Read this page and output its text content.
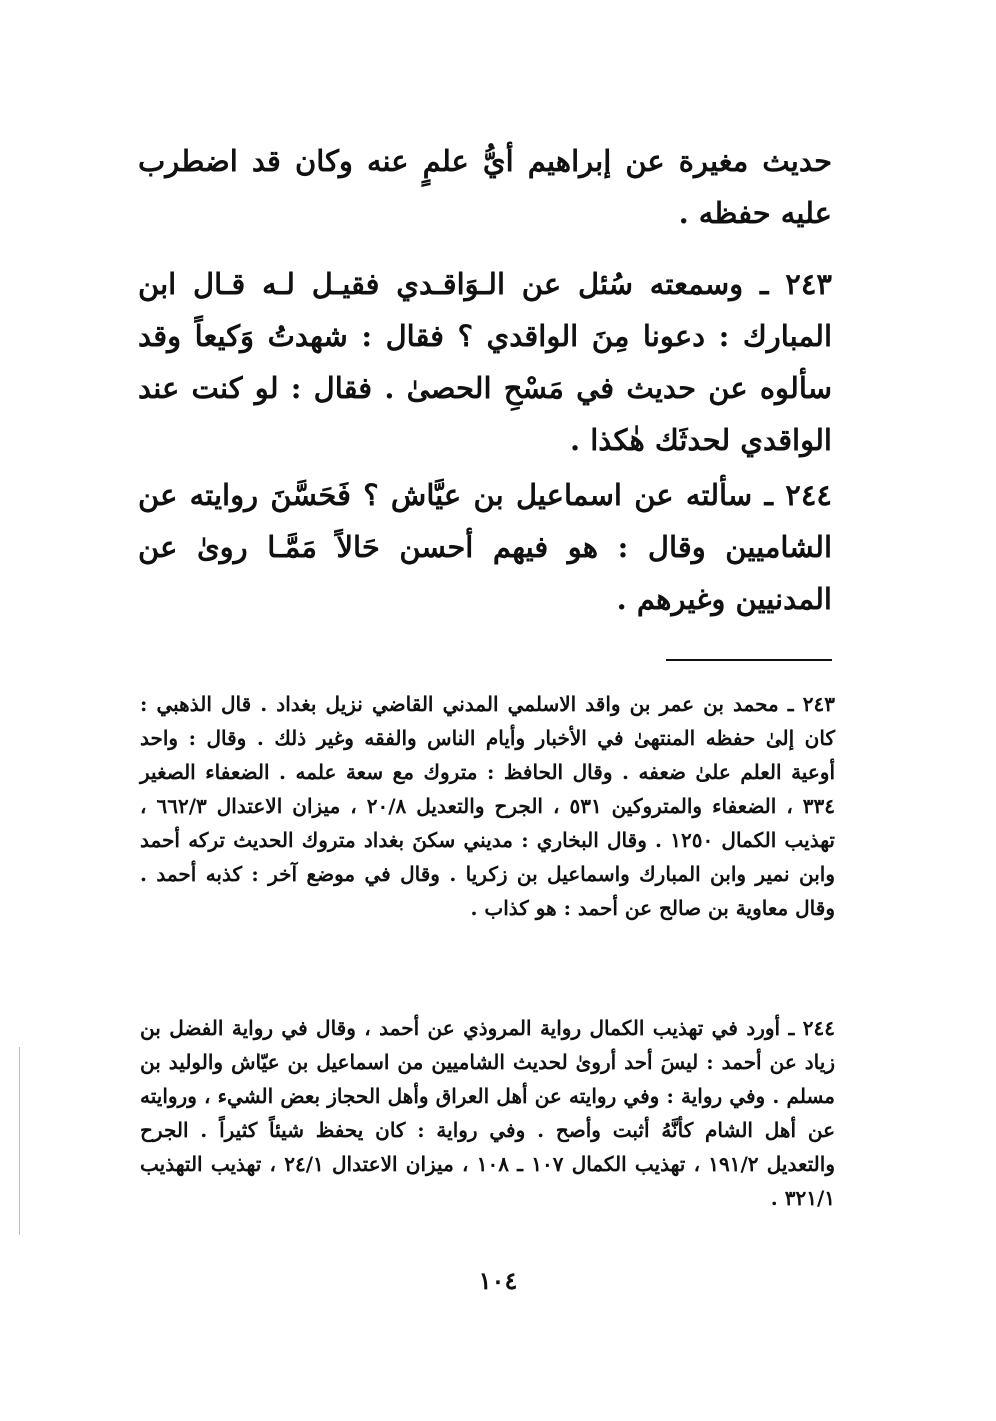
حديث مغيرة عن إبراهيم أيُّ علمٍ عنه وكان قد اضطرب عليه حفظه .

٢٤٣ ـ وسمعته سُئل عن الـوَاقـدي فقيـل لـه قـال ابن المبارك : دعونا مِنَ الواقدي ؟ فقال : شهدتُ وَكيعاً وقد سألوه عن حديث في مَسْحِ الحصىٰ . فقال : لو كنت عند الواقدي لحدثَك هٰكذا .

٢٤٤ ـ سألته عن اسماعيل بن عيَّاش ؟ فَحَسَّنَ روايته عن الشاميين وقال : هو فيهم أحسن حَالاً مَمَّـا روىٰ عن المدنيين وغيرهم .

٢٤٣ ـ محمد بن عمر بن واقد الاسلمي المدني القاضي نزيل بغداد . قال الذهبي : كان إلىٰ حفظه المنتهىٰ في الأخبار وأيام الناس والفقه وغير ذلك . وقال : واحد أوعية العلم علىٰ ضعفه . وقال الحافظ : متروك مع سعة علمه . الضعفاء الصغير ٣٣٤ ، الضعفاء والمتروكين ٥٣١ ، الجرح والتعديل ٢٠/٨ ، ميزان الاعتدال ٦٦٢/٣ ، تهذيب الكمال ١٢٥٠ . وقال البخاري : مديني سكنَ بغداد متروك الحديث تركه أحمد وابن نمير وابن المبارك واسماعيل بن زكريا . وقال في موضع آخر : كذبه أحمد . وقال معاوية بن صالح عن أحمد : هو كذاب .

٢٤٤ ـ أورد في تهذيب الكمال رواية المروذي عن أحمد ، وقال في رواية الفضل بن زياد عن أحمد : ليسَ أحد أروىٰ لحديث الشاميين من اسماعيل بن عيّاش والوليد بن مسلم . وفي رواية : وفي روايته عن أهل العراق وأهل الحجاز بعض الشيء ، وروايته عن أهل الشام كأنَّهُ أثبت وأصح . وفي رواية : كان يحفظ شيئاً كثيراً . الجرح والتعديل ١٩١/٢ ، تهذيب الكمال ١٠٧ ـ ١٠٨ ، ميزان الاعتدال ٢٤/١ ، تهذيب التهذيب ٣٢١/١ .

١٠٤
